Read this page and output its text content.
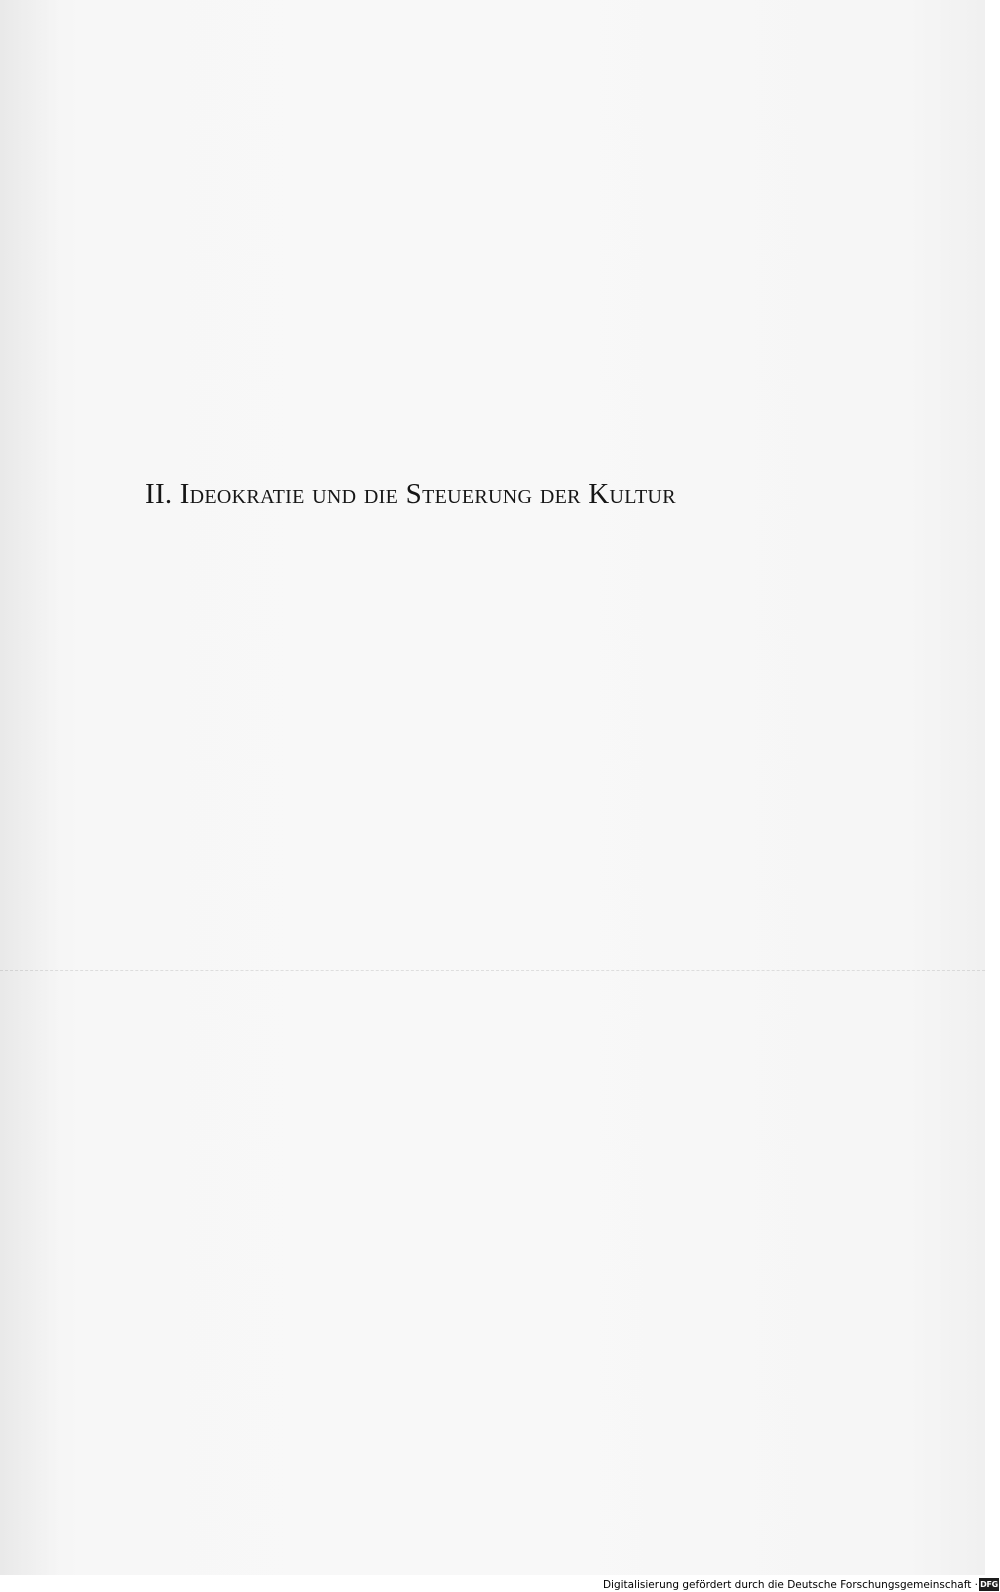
II. Ideokratie und die Steuerung der Kultur
Digitalisierung gefördert durch die Deutsche Forschungsgemeinschaft · DFG
